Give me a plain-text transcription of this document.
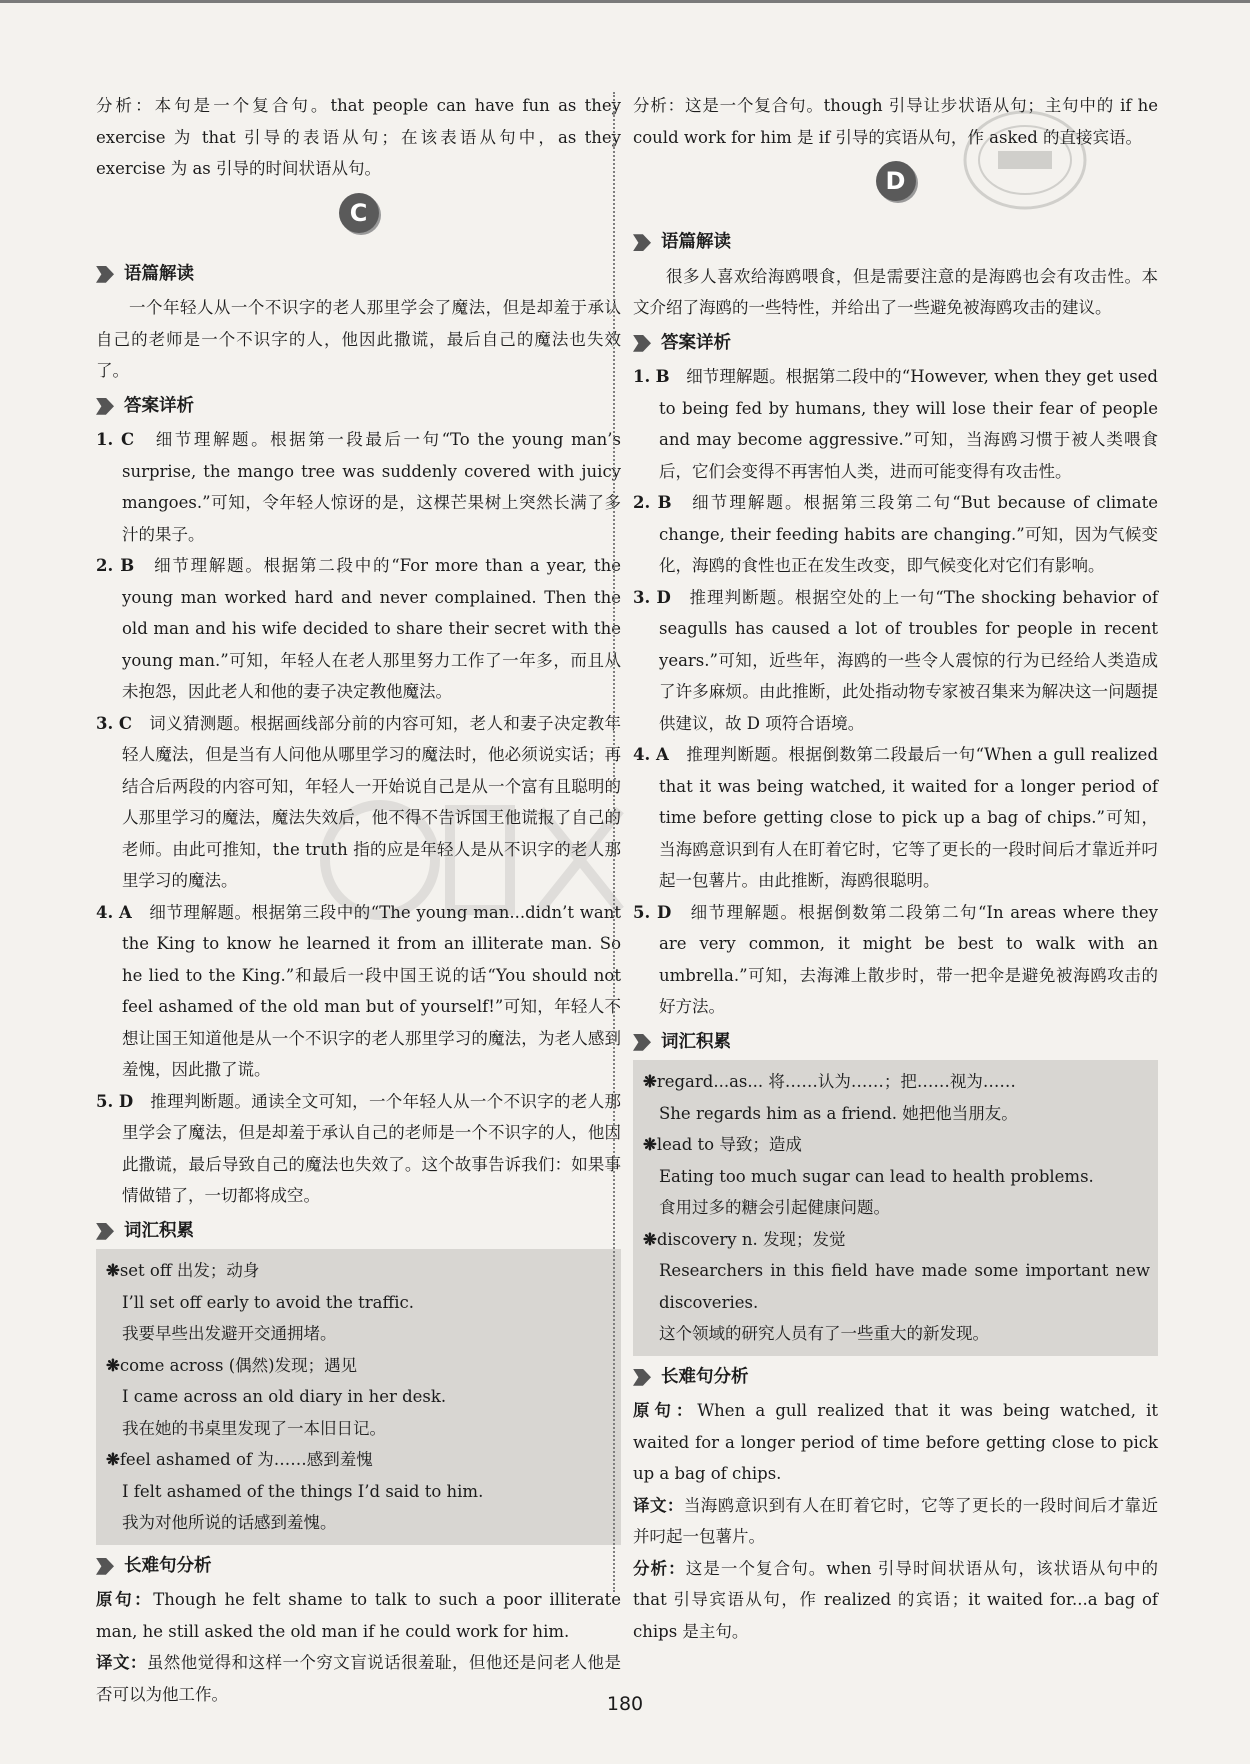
分析：本句是一个复合句。that people can have fun as they exercise 为 that 引导的表语从句；在该表语从句中，as they exercise 为 as 引导的时间状语从句。

C
语篇解读

一个年轻人从一个不识字的老人那里学会了魔法，但是却羞于承认自己的老师是一个不识字的人，他因此撒谎，最后自己的魔法也失效了。

答案详析

1. C　 细节理解题。根据第一段最后一句“To the young man’s surprise, the mango tree was suddenly covered with juicy mangoes.”可知，令年轻人惊讶的是，这棵芒果树上突然长满了多汁的果子。

2. B　 细节理解题。根据第二段中的“For more than a year, the young man worked hard and never complained. Then the old man and his wife decided to share their secret with the young man.”可知，年轻人在老人那里努力工作了一年多，而且从未抱怨，因此老人和他的妻子决定教他魔法。

3. C　 词义猜测题。根据画线部分前的内容可知，老人和妻子决定教年轻人魔法，但是当有人问他从哪里学习的魔法时，他必须说实话；再结合后两段的内容可知，年轻人一开始说自己是从一个富有且聪明的人那里学习的魔法，魔法失效后，他不得不告诉国王他谎报了自己的老师。由此可推知，the truth 指的应是年轻人是从不识字的老人那里学习的魔法。

4. A　 细节理解题。根据第三段中的“The young man...didn’t want the King to know he learned it from an illiterate man. So he lied to the King.”和最后一段中国王说的话“You should not feel ashamed of the old man but of yourself!”可知，年轻人不想让国王知道他是从一个不识字的老人那里学习的魔法，为老人感到羞愧，因此撒了谎。

5. D　 推理判断题。通读全文可知，一个年轻人从一个不识字的老人那里学会了魔法，但是却羞于承认自己的老师是一个不识字的人，他因此撒谎，最后导致自己的魔法也失效了。这个故事告诉我们：如果事情做错了，一切都将成空。

词汇积累

❋set off 出发；动身

I’ll set off early to avoid the traffic.

我要早些出发避开交通拥堵。

❋come across (偶然)发现；遇见

I came across an old diary in her desk.

我在她的书桌里发现了一本旧日记。

❋feel ashamed of 为……感到羞愧

I felt ashamed of the things I’d said to him.

我为对他所说的话感到羞愧。

长难句分析

原句：Though he felt shame to talk to such a poor illiterate man, he still asked the old man if he could work for him.

译文：虽然他觉得和这样一个穷文盲说话很羞耻，但他还是问老人他是否可以为他工作。

分析：这是一个复合句。though 引导让步状语从句；主句中的 if he could work for him 是 if 引导的宾语从句，作 asked 的直接宾语。

D
语篇解读

很多人喜欢给海鸥喂食，但是需要注意的是海鸥也会有攻击性。本文介绍了海鸥的一些特性，并给出了一些避免被海鸥攻击的建议。

答案详析

1. B　 细节理解题。根据第二段中的“However, when they get used to being fed by humans, they will lose their fear of people and may become aggressive.”可知，当海鸥习惯于被人类喂食后，它们会变得不再害怕人类，进而可能变得有攻击性。

2. B　 细节理解题。根据第三段第二句“But because of climate change, their feeding habits are changing.”可知，因为气候变化，海鸥的食性也正在发生改变，即气候变化对它们有影响。

3. D　 推理判断题。根据空处的上一句“The shocking behavior of seagulls has caused a lot of troubles for people in recent years.”可知，近些年，海鸥的一些令人震惊的行为已经给人类造成了许多麻烦。由此推断，此处指动物专家被召集来为解决这一问题提供建议，故 D 项符合语境。

4. A　 推理判断题。根据倒数第二段最后一句“When a gull realized that it was being watched, it waited for a longer period of time before getting close to pick up a bag of chips.”可知，当海鸥意识到有人在盯着它时，它等了更长的一段时间后才靠近并叼起一包薯片。由此推断，海鸥很聪明。

5. D　 细节理解题。根据倒数第二段第二句“In areas where they are very common, it might be best to walk with an umbrella.”可知，去海滩上散步时，带一把伞是避免被海鸥攻击的好方法。

词汇积累

❋regard...as... 将……认为……；把……视为……

She regards him as a friend. 她把他当朋友。

❋lead to 导致；造成

Eating too much sugar can lead to health problems.

食用过多的糖会引起健康问题。

❋discovery n. 发现；发觉

Researchers in this field have made some important new discoveries.

这个领域的研究人员有了一些重大的新发现。

长难句分析

原句：When a gull realized that it was being watched, it waited for a longer period of time before getting close to pick up a bag of chips.

译文：当海鸥意识到有人在盯着它时，它等了更长的一段时间后才靠近并叼起一包薯片。

分析：这是一个复合句。when 引导时间状语从句，该状语从句中的 that 引导宾语从句，作 realized 的宾语；it waited for...a bag of chips 是主句。

180
